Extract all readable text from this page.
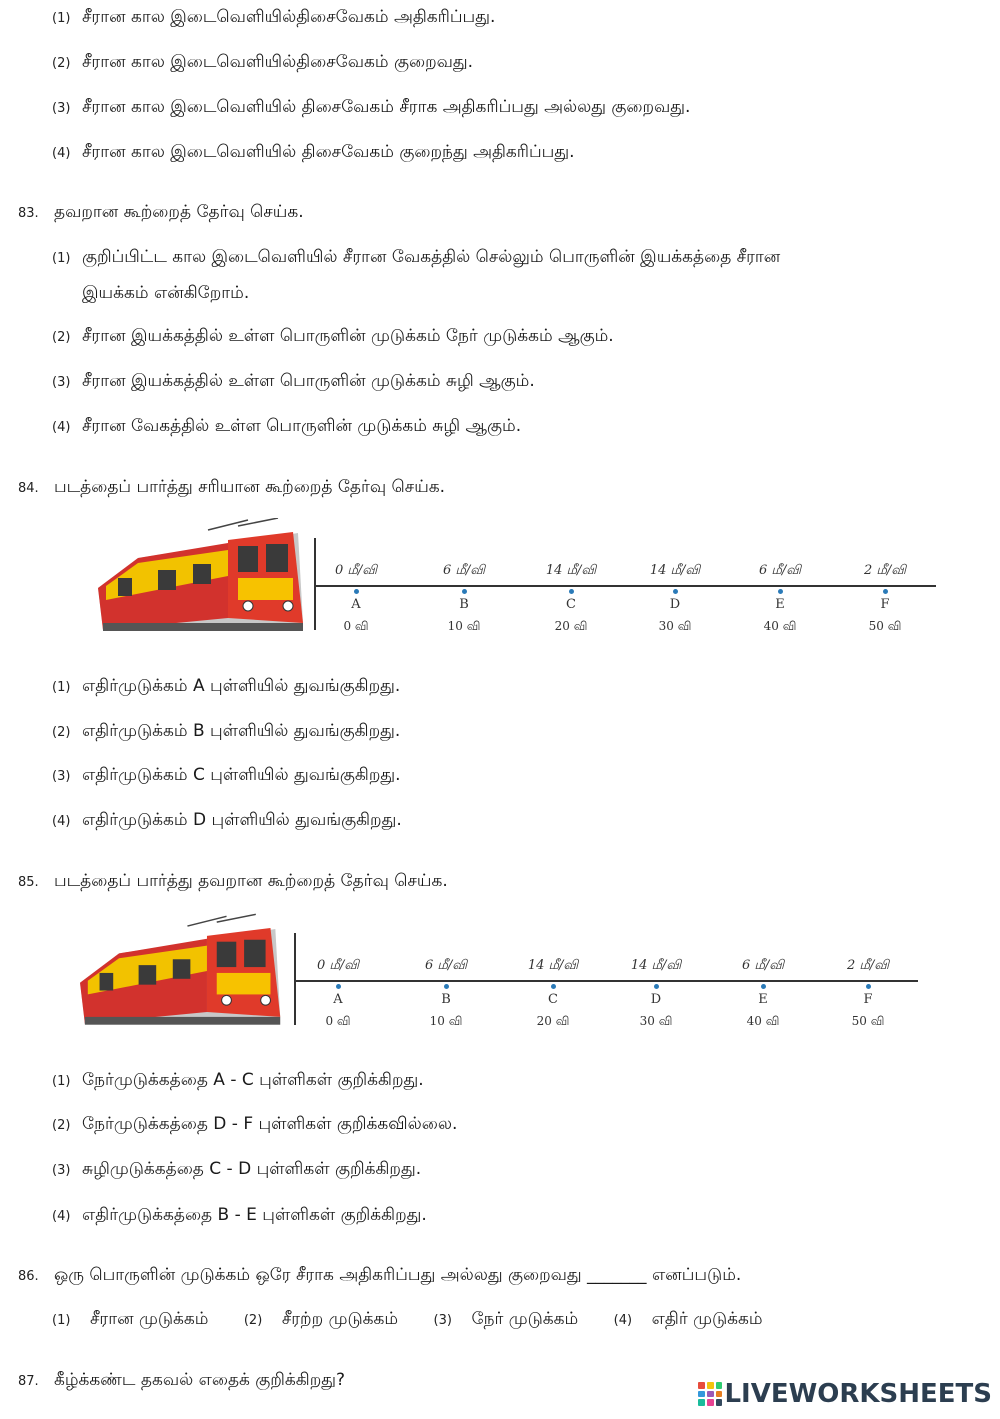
(1) சீரான கால இடைவெளியில்திசைவேகம் அதிகரிப்பது.
(2) சீரான கால இடைவெளியில்திசைவேகம் குறைவது.
(3) சீரான கால இடைவெளியில் திசைவேகம் சீராக அதிகரிப்பது அல்லது குறைவது.
(4) சீரான கால இடைவெளியில் திசைவேகம் குறைந்து அதிகரிப்பது.
83. தவறான கூற்றைத் தேர்வு செய்க.
(1) குறிப்பிட்ட கால இடைவெளியில் சீரான வேகத்தில் செல்லும் பொருளின் இயக்கத்தை சீரான
இயக்கம் என்கிறோம்.
(2) சீரான இயக்கத்தில் உள்ள பொருளின் முடுக்கம் நேர் முடுக்கம் ஆகும்.
(3) சீரான இயக்கத்தில் உள்ள பொருளின் முடுக்கம் சுழி ஆகும்.
(4) சீரான வேகத்தில் உள்ள பொருளின் முடுக்கம் சுழி ஆகும்.
84. படத்தைப் பார்த்து சரியான கூற்றைத் தேர்வு செய்க.
0 மீ/வி
A
0 வி
6 மீ/வி
B
10 வி
14 மீ/வி
C
20 வி
14 மீ/வி
D
30 வி
6 மீ/வி
E
40 வி
2 மீ/வி
F
50 வி
(1) எதிர்முடுக்கம் A புள்ளியில் துவங்குகிறது.
(2) எதிர்முடுக்கம் B புள்ளியில் துவங்குகிறது.
(3) எதிர்முடுக்கம் C புள்ளியில் துவங்குகிறது.
(4) எதிர்முடுக்கம் D புள்ளியில் துவங்குகிறது.
85. படத்தைப் பார்த்து தவறான கூற்றைத் தேர்வு செய்க.
0 மீ/வி
A
0 வி
6 மீ/வி
B
10 வி
14 மீ/வி
C
20 வி
14 மீ/வி
D
30 வி
6 மீ/வி
E
40 வி
2 மீ/வி
F
50 வி
(1) நேர்முடுக்கத்தை A - C புள்ளிகள் குறிக்கிறது.
(2) நேர்முடுக்கத்தை D - F புள்ளிகள் குறிக்கவில்லை.
(3) சுழிமுடுக்கத்தை C - D புள்ளிகள் குறிக்கிறது.
(4) எதிர்முடுக்கத்தை B - E புள்ளிகள் குறிக்கிறது.
86. ஒரு பொருளின் முடுக்கம் ஒரே சீராக அதிகரிப்பது அல்லது குறைவது _______ எனப்படும்.
(1) சீரான முடுக்கம்	(2) சீரற்ற முடுக்கம்	(3) நேர் முடுக்கம்	(4) எதிர் முடுக்கம்
87. கீழ்க்கண்ட தகவல் எதைக் குறிக்கிறது?	LIVEWORKSHEETS
